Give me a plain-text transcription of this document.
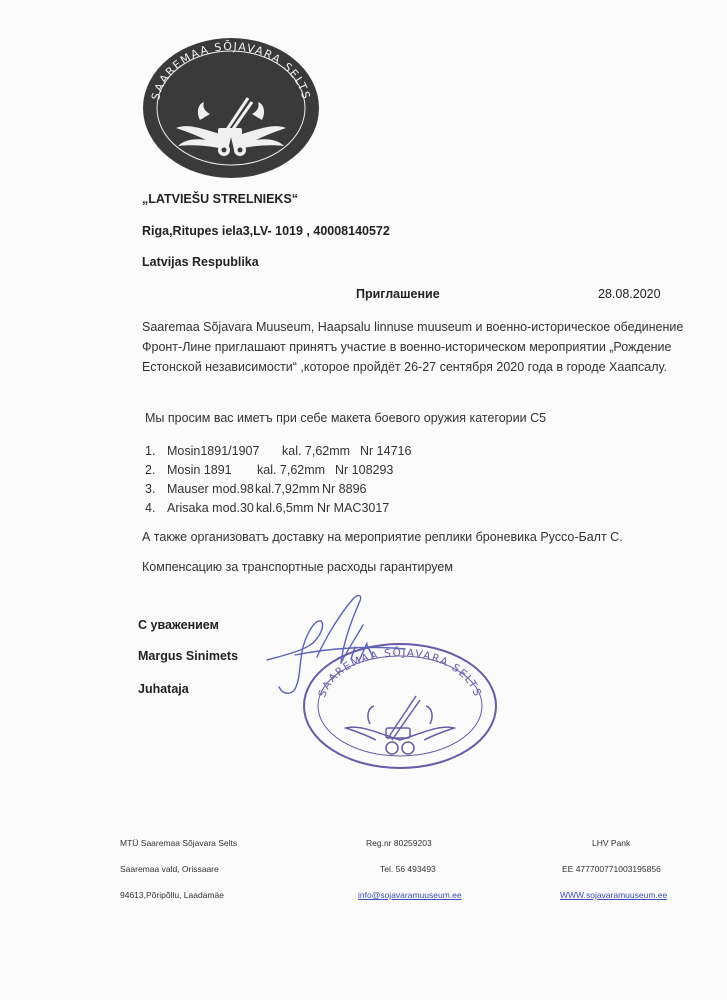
SAAREMAA SÕJAVARA SELTS
„LATVIEŠU STRELNIEKS“
Riga,Ritupes iela3,LV- 1019 , 40008140572
Latvijas Respublika
Приглашение	28.08.2020
Saaremaa Sõjavara Muuseum, Haapsalu linnuse muuseum и военно-историческое обединение
Фронт-Лине приглашают принятъ участие в военно-историческом мероприятии „Рождение
Естонской независимости“ ,которое пройдёт 26-27 сентября 2020 года в городе Хаапсалу.
Мы просим вас иметъ при себе макета боевого оружия категории С5
1. Mosin1891/1907 kal. 7,62mm Nr 14716
2. Mosin 1891 kal. 7,62mm Nr 108293
3. Mauser mod.98 kal.7,92mm Nr 8896
4. Arisaka mod.30 kal.6,5mm Nr MAC3017
А также организоватъ доставку на мероприятие реплики броневика Руссо-Балт С.
Компенсацию за транспортные расходы гарантируем
С уважением
Margus Sinimets
Juhataja	SAAREMAA SÕJAVARA SELTS
MTÜ Saaremaa Sõjavara Selts
Saaremaa vald, Orissaare
94613,Põripõllu, Laadamäe
Reg.nr 80259203
Tel. 56 493493
info@sojavaramuuseum.ee
LHV Pank
EE 477700771003195856
WWW.sojavaramuuseum.ee
